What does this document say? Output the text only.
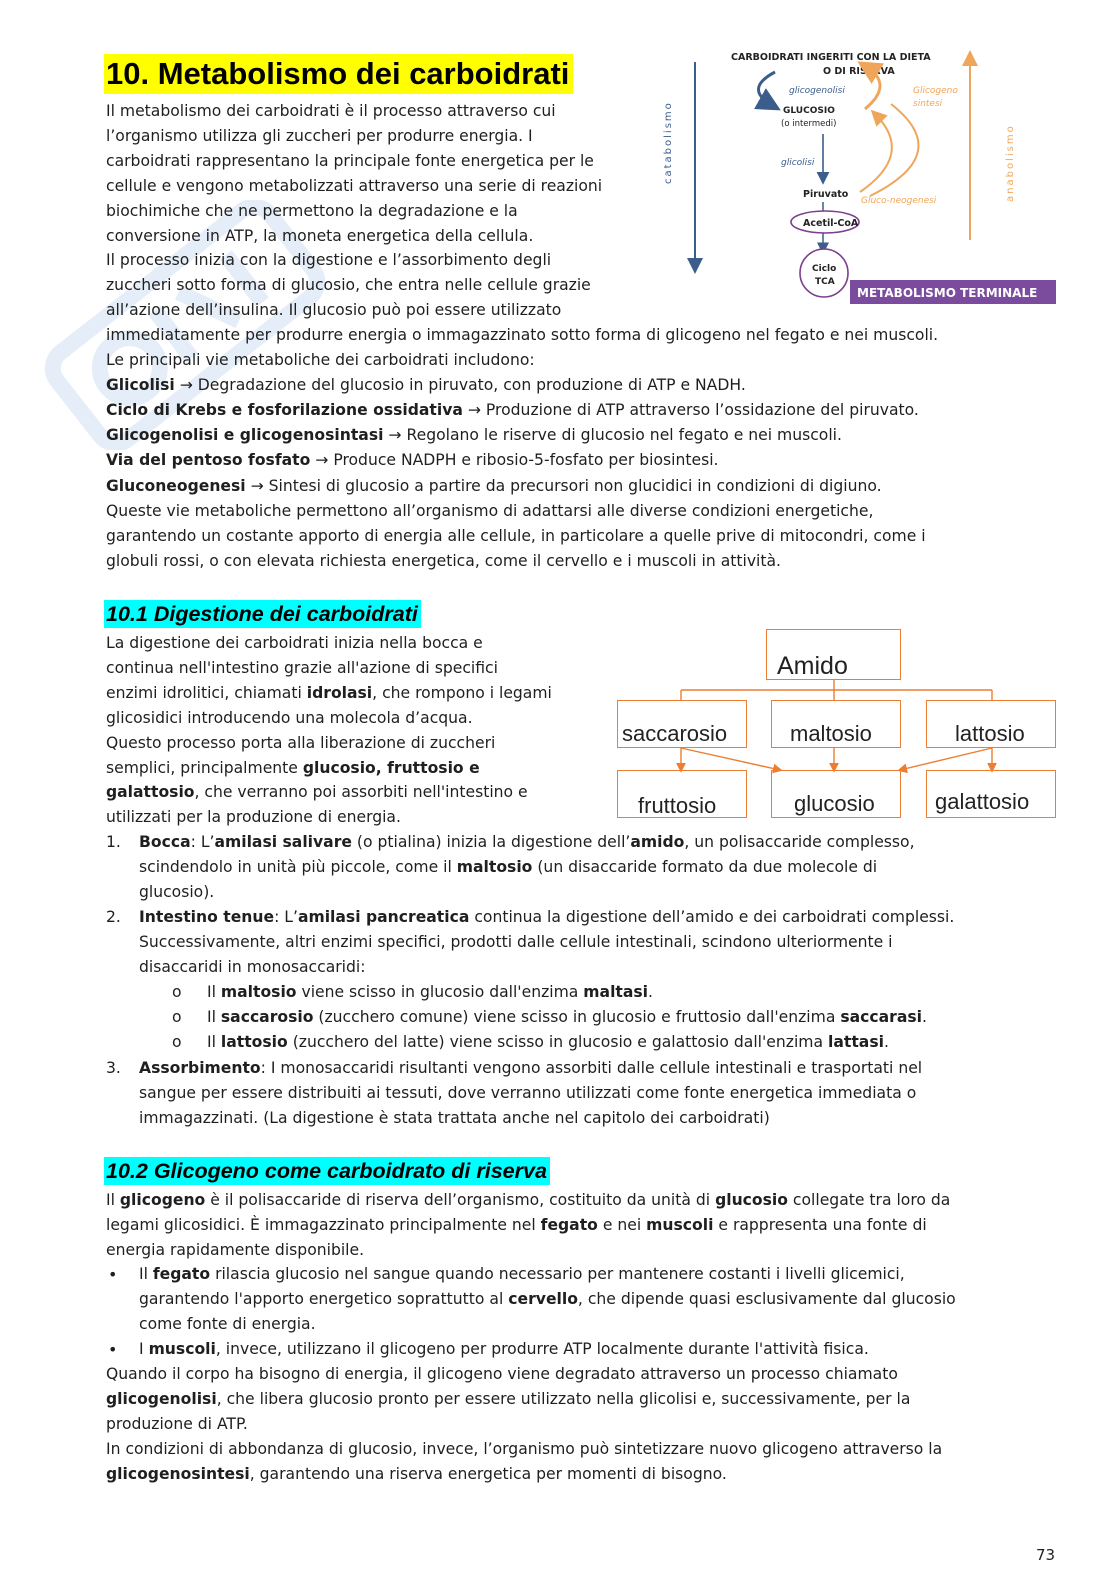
10. Metabolismo dei carboidrati
Il metabolismo dei carboidrati è il processo attraverso cui
l’organismo utilizza gli zuccheri per produrre energia. I
carboidrati rappresentano la principale fonte energetica per le
cellule e vengono metabolizzati attraverso una serie di reazioni
biochimiche che ne permettono la degradazione e la
conversione in ATP, la moneta energetica della cellula.
Il processo inizia con la digestione e l’assorbimento degli
zuccheri sotto forma di glucosio, che entra nelle cellule grazie
all’azione dell’insulina. Il glucosio può poi essere utilizzato
immediatamente per produrre energia o immagazzinato sotto forma di glicogeno nel fegato e nei muscoli.
Le principali vie metaboliche dei carboidrati includono:
Glicolisi → Degradazione del glucosio in piruvato, con produzione di ATP e NADH.
Ciclo di Krebs e fosforilazione ossidativa → Produzione di ATP attraverso l’ossidazione del piruvato.
Glicogenolisi e glicogenosintasi → Regolano le riserve di glucosio nel fegato e nei muscoli.
Via del pentoso fosfato → Produce NADPH e ribosio-5-fosfato per biosintesi.
Gluconeogenesi → Sintesi di glucosio a partire da precursori non glucidici in condizioni di digiuno.
Queste vie metaboliche permettono all’organismo di adattarsi alle diverse condizioni energetiche,
garantendo un costante apporto di energia alle cellule, in particolare a quelle prive di mitocondri, come i
globuli rossi, o con elevata richiesta energetica, come il cervello e i muscoli in attività.
catabolismo	anabolismo
CARBOIDRATI INGERITI CON LA DIETA
O DI RISERVA
glicogenolisi	Glicogeno
sintesi
GLUCOSIO
(o intermedi)
glicolisi
Piruvato
Gluco-neogenesi
Acetil-CoA
Ciclo
TCA
METABOLISMO TERMINALE
10.1 Digestione dei carboidrati
La digestione dei carboidrati inizia nella bocca e
continua nell'intestino grazie all'azione di specifici
enzimi idrolitici, chiamati idrolasi, che rompono i legami
glicosidici introducendo una molecola d’acqua.
Questo processo porta alla liberazione di zuccheri
semplici, principalmente glucosio, fruttosio e
galattosio, che verranno poi assorbiti nell'intestino e
utilizzati per la produzione di energia.
Amido
saccarosio	maltosio	lattosio
fruttosio	glucosio	galattosio
1. Bocca: L’amilasi salivare (o ptialina) inizia la digestione dell’amido, un polisaccaride complesso,
scindendolo in unità più piccole, come il maltosio (un disaccaride formato da due molecole di
glucosio).
2. Intestino tenue: L’amilasi pancreatica continua la digestione dell’amido e dei carboidrati complessi.
Successivamente, altri enzimi specifici, prodotti dalle cellule intestinali, scindono ulteriormente i
disaccaridi in monosaccaridi:
o Il maltosio viene scisso in glucosio dall'enzima maltasi.
o Il saccarosio (zucchero comune) viene scisso in glucosio e fruttosio dall'enzima saccarasi.
o Il lattosio (zucchero del latte) viene scisso in glucosio e galattosio dall'enzima lattasi.
3. Assorbimento: I monosaccaridi risultanti vengono assorbiti dalle cellule intestinali e trasportati nel
sangue per essere distribuiti ai tessuti, dove verranno utilizzati come fonte energetica immediata o
immagazzinati. (La digestione è stata trattata anche nel capitolo dei carboidrati)
10.2 Glicogeno come carboidrato di riserva
Il glicogeno è il polisaccaride di riserva dell’organismo, costituito da unità di glucosio collegate tra loro da
legami glicosidici. È immagazzinato principalmente nel fegato e nei muscoli e rappresenta una fonte di
energia rapidamente disponibile.
• Il fegato rilascia glucosio nel sangue quando necessario per mantenere costanti i livelli glicemici,
garantendo l'apporto energetico soprattutto al cervello, che dipende quasi esclusivamente dal glucosio
come fonte di energia.
• I muscoli, invece, utilizzano il glicogeno per produrre ATP localmente durante l'attività fisica.
Quando il corpo ha bisogno di energia, il glicogeno viene degradato attraverso un processo chiamato
glicogenolisi, che libera glucosio pronto per essere utilizzato nella glicolisi e, successivamente, per la
produzione di ATP.
In condizioni di abbondanza di glucosio, invece, l’organismo può sintetizzare nuovo glicogeno attraverso la
glicogenosintesi, garantendo una riserva energetica per momenti di bisogno.
73
